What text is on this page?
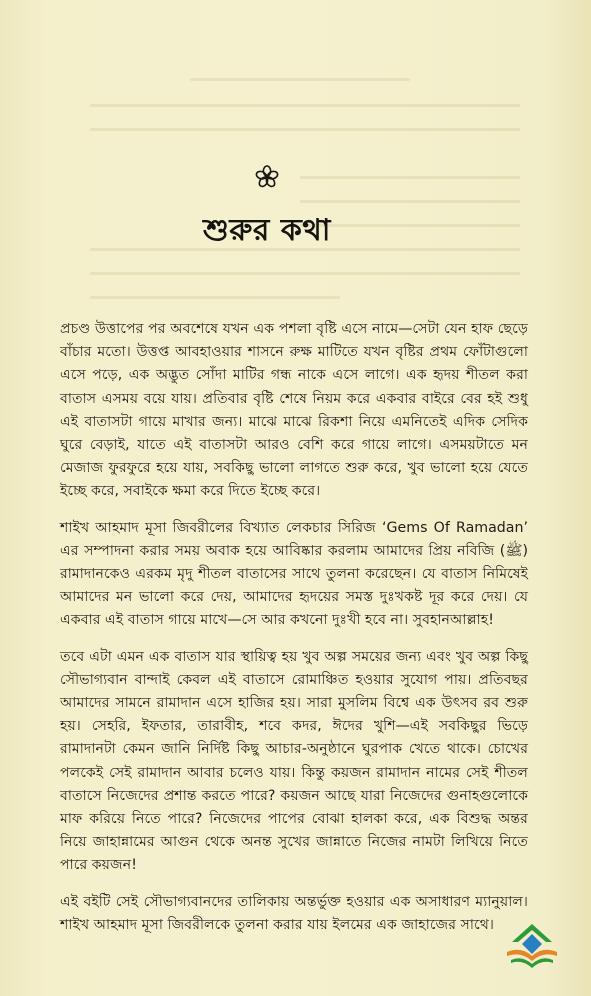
শুরুর কথা

প্রচণ্ড উত্তাপের পর অবশেষে যখন এক পশলা বৃষ্টি এসে নামে—সেটা যেন হাফ ছেড়ে বাঁচার মতো। উত্তপ্ত আবহাওয়ার শাসনে রুক্ষ মাটিতে যখন বৃষ্টির প্রথম ফোঁটাগুলো এসে পড়ে, এক অদ্ভুত সোঁদা মাটির গন্ধ নাকে এসে লাগে। এক হৃদয় শীতল করা বাতাস এসময় বয়ে যায়। প্রতিবার বৃষ্টি শেষে নিয়ম করে একবার বাইরে বের হই শুধু এই বাতাসটা গায়ে মাখার জন্য। মাঝে মাঝে রিকশা নিয়ে এমনিতেই এদিক সেদিক ঘুরে বেড়াই, যাতে এই বাতাসটা আরও বেশি করে গায়ে লাগে। এসময়টাতে মন মেজাজ ফুরফুরে হয়ে যায়, সবকিছু ভালো লাগতে শুরু করে, খুব ভালো হয়ে যেতে ইচ্ছে করে, সবাইকে ক্ষমা করে দিতে ইচ্ছে করে।

শাইখ আহমাদ মূসা জিবরীলের বিখ্যাত লেকচার সিরিজ ‘Gems Of Ramadan’ এর সম্পাদনা করার সময় অবাক হয়ে আবিষ্কার করলাম আমাদের প্রিয় নবিজি (ﷺ) রামাদানকেও এরকম মৃদু শীতল বাতাসের সাথে তুলনা করেছেন। যে বাতাস নিমিষেই আমাদের মন ভালো করে দেয়, আমাদের হৃদয়ের সমস্ত দুঃখকষ্ট দূর করে দেয়। যে একবার এই বাতাস গায়ে মাখে—সে আর কখনো দুঃখী হবে না। সুবহানআল্লাহ!

তবে এটা এমন এক বাতাস যার স্থায়িত্ব হয় খুব অল্প সময়ের জন্য এবং খুব অল্প কিছু সৌভাগ্যবান বান্দাই কেবল এই বাতাসে রোমাঞ্চিত হওয়ার সুযোগ পায়। প্রতিবছর আমাদের সামনে রামাদান এসে হাজির হয়। সারা মুসলিম বিশ্বে এক উৎসব রব শুরু হয়। সেহরি, ইফতার, তারাবীহ, শবে কদর, ঈদের খুশি—এই সবকিছুর ভিড়ে রামাদানটা কেমন জানি নির্দিষ্ট কিছু আচার-অনুষ্ঠানে ঘুরপাক খেতে থাকে। চোখের পলকেই সেই রামাদান আবার চলেও যায়। কিন্তু কয়জন রামাদান নামের সেই শীতল বাতাসে নিজেদের প্রশান্ত করতে পারে? কয়জন আছে যারা নিজেদের গুনাহগুলোকে মাফ করিয়ে নিতে পারে? নিজেদের পাপের বোঝা হালকা করে, এক বিশুদ্ধ অন্তর নিয়ে জাহান্নামের আগুন থেকে অনন্ত সুখের জান্নাতে নিজের নামটা লিখিয়ে নিতে পারে কয়জন!

এই বইটি সেই সৌভাগ্যবানদের তালিকায় অন্তর্ভুক্ত হওয়ার এক অসাধারণ ম্যানুয়াল। শাইখ আহমাদ মূসা জিবরীলকে তুলনা করার যায় ইলমের এক জাহাজের সাথে।
